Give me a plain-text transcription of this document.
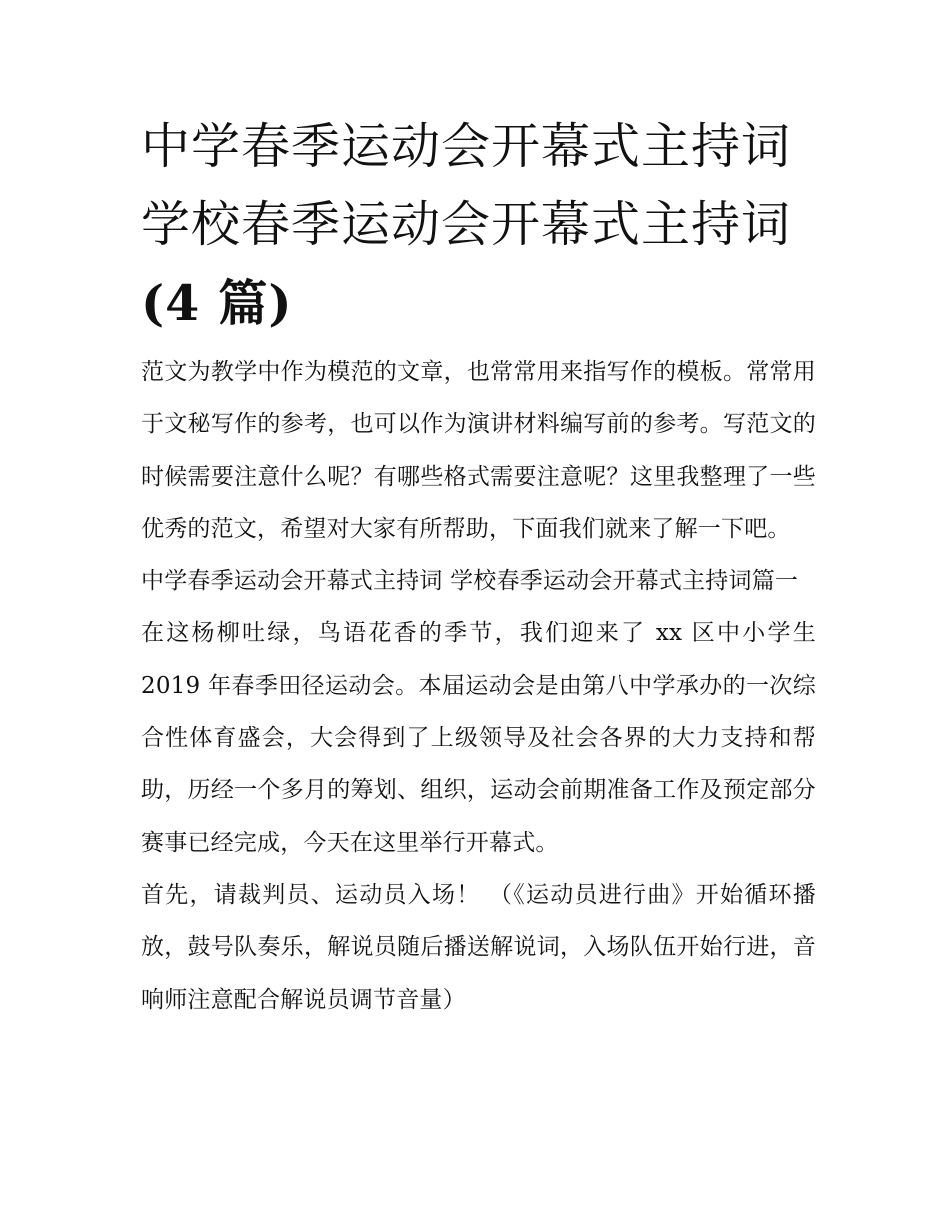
中学春季运动会开幕式主持词
学校春季运动会开幕式主持词
(4 篇)

范文为教学中作为模范的文章，也常常用来指写作的模板。常常用于文秘写作的参考，也可以作为演讲材料编写前的参考。写范文的时候需要注意什么呢？有哪些格式需要注意呢？这里我整理了一些优秀的范文，希望对大家有所帮助，下面我们就来了解一下吧。

中学春季运动会开幕式主持词 学校春季运动会开幕式主持词篇一

在这杨柳吐绿，鸟语花香的季节，我们迎来了 xx 区中小学生 2019 年春季田径运动会。本届运动会是由第八中学承办的一次综合性体育盛会，大会得到了上级领导及社会各界的大力支持和帮助，历经一个多月的筹划、组织，运动会前期准备工作及预定部分赛事已经完成，今天在这里举行开幕式。

首先，请裁判员、运动员入场！ （《运动员进行曲》开始循环播放，鼓号队奏乐，解说员随后播送解说词，入场队伍开始行进，音响师注意配合解说员调节音量）
